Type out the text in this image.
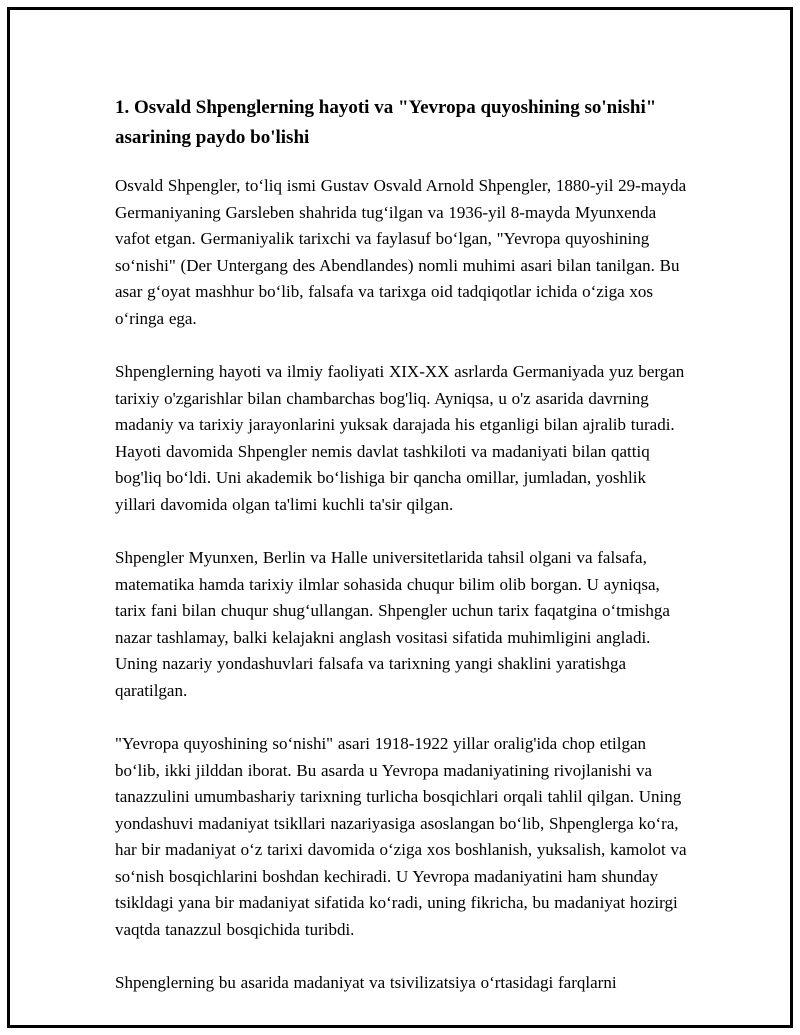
1. Osvald Shpenglerning hayoti va "Yevropa quyoshining so'nishi" asarining paydo bo'lishi

Osvald Shpengler, toʻliq ismi Gustav Osvald Arnold Shpengler, 1880-yil 29-mayda Germaniyaning Garsleben shahrida tugʻilgan va 1936-yil 8-mayda Myunxenda vafot etgan. Germaniyalik tarixchi va faylasuf boʻlgan, "Yevropa quyoshining soʻnishi" (Der Untergang des Abendlandes) nomli muhimi asari bilan tanilgan. Bu asar gʻoyat mashhur boʻlib, falsafa va tarixga oid tadqiqotlar ichida oʻziga xos oʻringa ega.

Shpenglerning hayoti va ilmiy faoliyati XIX-XX asrlarda Germaniyada yuz bergan tarixiy o'zgarishlar bilan chambarchas bog'liq. Ayniqsa, u o'z asarida davrning madaniy va tarixiy jarayonlarini yuksak darajada his etganligi bilan ajralib turadi. Hayoti davomida Shpengler nemis davlat tashkiloti va madaniyati bilan qattiq bog'liq boʻldi. Uni akademik boʻlishiga bir qancha omillar, jumladan, yoshlik yillari davomida olgan ta'limi kuchli ta'sir qilgan.

Shpengler Myunxen, Berlin va Halle universitetlarida tahsil olgani va falsafa, matematika hamda tarixiy ilmlar sohasida chuqur bilim olib borgan. U ayniqsa, tarix fani bilan chuqur shugʻullangan. Shpengler uchun tarix faqatgina oʻtmishga nazar tashlamay, balki kelajakni anglash vositasi sifatida muhimligini angladi. Uning nazariy yondashuvlari falsafa va tarixning yangi shaklini yaratishga qaratilgan.

"Yevropa quyoshining soʻnishi" asari 1918-1922 yillar oralig'ida chop etilgan boʻlib, ikki jilddan iborat. Bu asarda u Yevropa madaniyatining rivojlanishi va tanazzulini umumbashariy tarixning turlicha bosqichlari orqali tahlil qilgan. Uning yondashuvi madaniyat tsikllari nazariyasiga asoslangan boʻlib, Shpenglerga koʻra, har bir madaniyat oʻz tarixi davomida oʻziga xos boshlanish, yuksalish, kamolot va soʻnish bosqichlarini boshdan kechiradi. U Yevropa madaniyatini ham shunday tsikldagi yana bir madaniyat sifatida koʻradi, uning fikricha, bu madaniyat hozirgi vaqtda tanazzul bosqichida turibdi.

Shpenglerning bu asarida madaniyat va tsivilizatsiya oʻrtasidagi farqlarni
